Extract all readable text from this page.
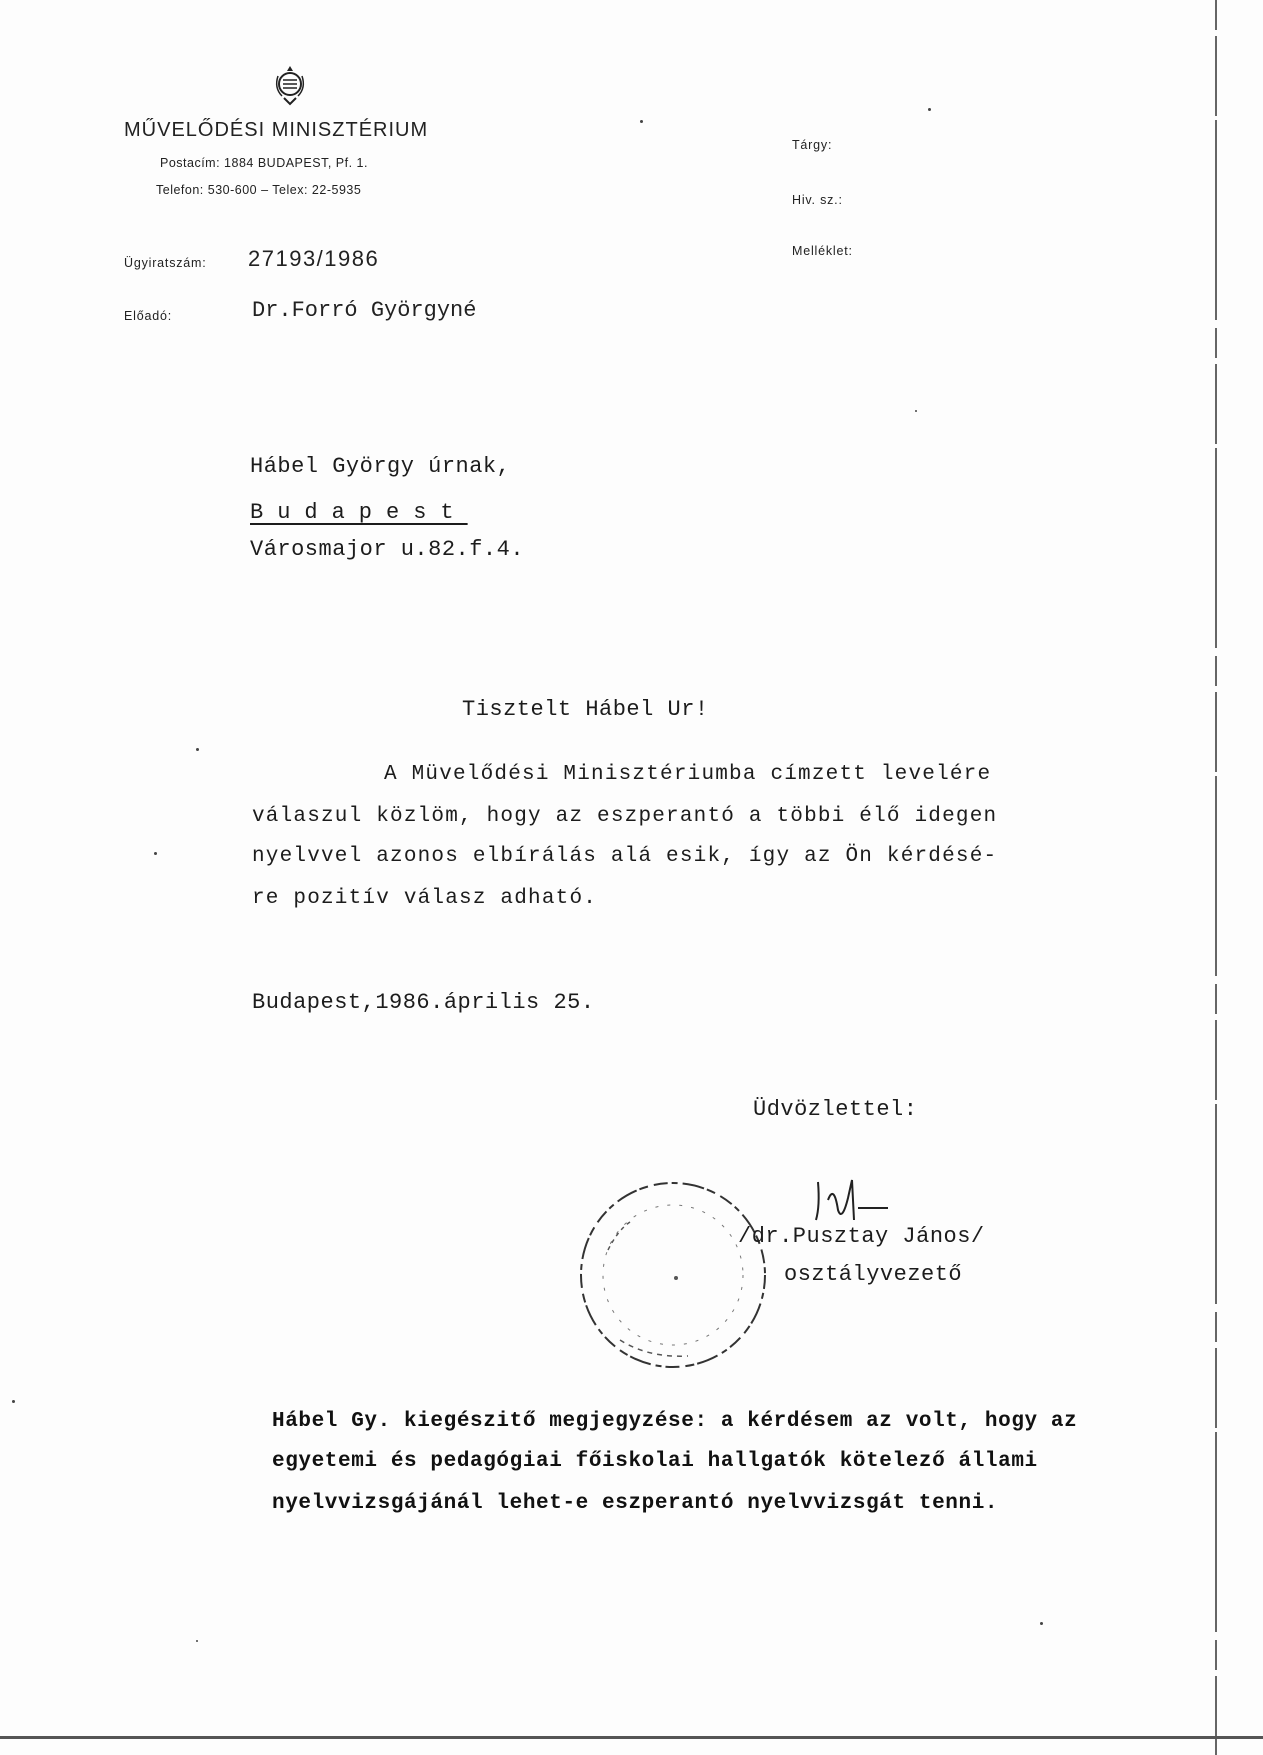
MŰVELŐDÉSI MINISZTÉRIUM
Postacím: 1884 BUDAPEST, Pf. 1.
Telefon: 530-600 – Telex: 22-5935
Ügyiratszám: 27193/1986
Előadó:	Dr.Forró Györgyné
Tárgy:
Hiv. sz.:
Melléklet:
Hábel György úrnak,
Budapest
Városmajor u.82.f.4.
Tisztelt Hábel Ur!
A Müvelődési Minisztériumba címzett levelére
válaszul közlöm, hogy az eszperantó a többi élő idegen
nyelvvel azonos elbírálás alá esik, így az Ön kérdésé-
re pozitív válasz adható.
Budapest,1986.április 25.
Üdvözlettel:
/dr.Pusztay János/
osztályvezető
Hábel Gy. kiegészitő megjegyzése: a kérdésem az volt, hogy az
egyetemi és pedagógiai főiskolai hallgatók kötelező állami
nyelvvizsgájánál lehet-e eszperantó nyelvvizsgát tenni.
